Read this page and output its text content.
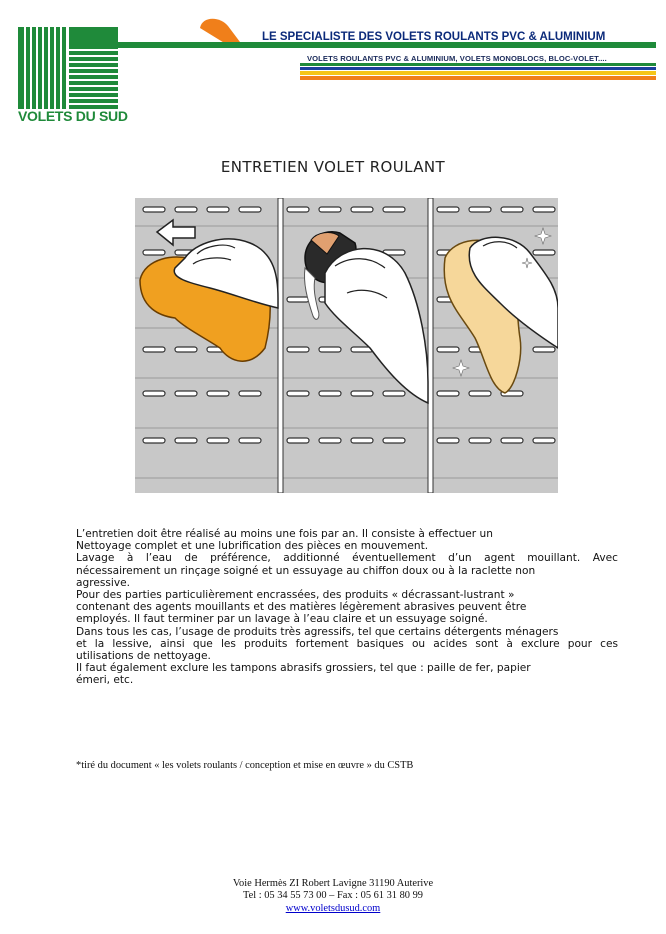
VOLETS DU SUD
LE SPECIALISTE DES VOLETS ROULANTS PVC & ALUMINIUM
VOLETS ROULANTS PVC & ALUMINIUM, VOLETS MONOBLOCS, BLOC-VOLET....
ENTRETIEN VOLET ROULANT

L’entretien doit être réalisé au moins une fois par an. Il consiste à effectuer un

Nettoyage complet et une lubrification des pièces en mouvement.

Lavage à l’eau de préférence, additionné éventuellement d’un agent mouillant. Avec

nécessairement un rinçage soigné et un essuyage au chiffon doux ou à la raclette non

agressive.

Pour des parties particulièrement encrassées, des produits « décrassant-lustrant »

contenant des agents mouillants et des matières légèrement abrasives peuvent être

employés. Il faut terminer par un lavage à l’eau claire et un essuyage soigné.

Dans tous les cas, l’usage de produits très agressifs, tel que certains détergents ménagers

et la lessive, ainsi que les produits fortement basiques ou acides sont à exclure pour ces

utilisations de nettoyage.

Il faut également exclure les tampons abrasifs grossiers, tel que : paille de fer, papier

émeri, etc.

*tiré du document « les volets roulants / conception et mise en œuvre » du CSTB
Voie Hermès ZI Robert Lavigne 31190 Auterive
Tel : 05 34 55 73 00 – Fax : 05 61 31 80 99
www.voletsdusud.com
